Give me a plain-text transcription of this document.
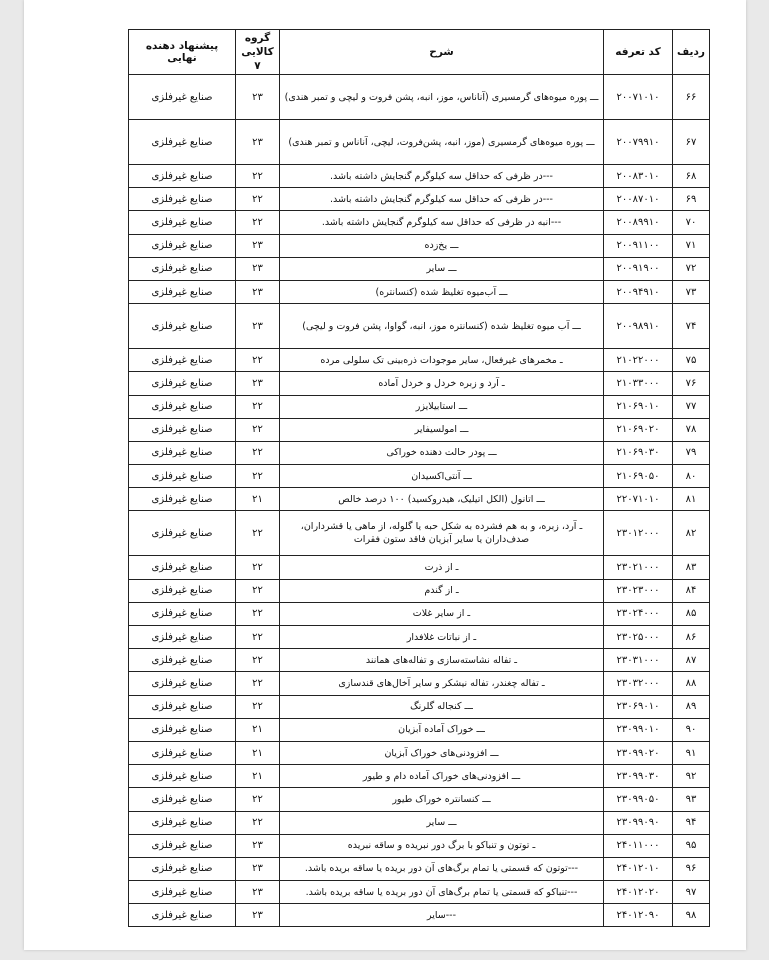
ردیف	کد تعرفه	شرح	گروه کالایی ۷	پیشنهاد دهنده نهایی
۶۶	۲۰۰۷۱۰۱۰	ـــ پوره میوه‌های گرمسیری (آناناس، موز، انبه، پشن فروت و لیچی و تمبر هندی)	۲۳	صنایع غیرفلزی
۶۷	۲۰۰۷۹۹۱۰	ـــ پوره میوه‌های گرمسیری (موز، انبه، پشن‌فروت، لیچی، آناناس و تمبر هندی)	۲۳	صنایع غیرفلزی
۶۸	۲۰۰۸۳۰۱۰	---در ظرفی که حداقل سه کیلوگرم گنجایش داشته باشد.	۲۲	صنایع غیرفلزی
۶۹	۲۰۰۸۷۰۱۰	---در ظرفی که حداقل سه کیلوگرم گنجایش داشته باشد.	۲۲	صنایع غیرفلزی
۷۰	۲۰۰۸۹۹۱۰	---انبه در ظرفی که حداقل سه کیلوگرم گنجایش داشته باشد.	۲۲	صنایع غیرفلزی
۷۱	۲۰۰۹۱۱۰۰	ـــ یخ‌زده	۲۳	صنایع غیرفلزی
۷۲	۲۰۰۹۱۹۰۰	ـــ سایر	۲۳	صنایع غیرفلزی
۷۳	۲۰۰۹۴۹۱۰	ـــ آب‌میوه تغلیظ شده (کنسانتره)	۲۳	صنایع غیرفلزی
۷۴	۲۰۰۹۸۹۱۰	ـــ آب میوه تغلیظ شده (کنسانتره موز، انبه، گواوا، پشن فروت و لیچی)	۲۳	صنایع غیرفلزی
۷۵	۲۱۰۲۲۰۰۰	ـ مخمرهای غیرفعال، سایر موجودات ذره‌بینی تک سلولی مرده	۲۲	صنایع غیرفلزی
۷۶	۲۱۰۳۳۰۰۰	ـ آرد و زبره خردل و خردل آماده	۲۳	صنایع غیرفلزی
۷۷	۲۱۰۶۹۰۱۰	ـــ استابیلایزر	۲۲	صنایع غیرفلزی
۷۸	۲۱۰۶۹۰۲۰	ـــ امولسیفایر	۲۲	صنایع غیرفلزی
۷۹	۲۱۰۶۹۰۳۰	ـــ پودر حالت دهنده خوراکی	۲۲	صنایع غیرفلزی
۸۰	۲۱۰۶۹۰۵۰	ـــ آنتی‌اکسیدان	۲۲	صنایع غیرفلزی
۸۱	۲۲۰۷۱۰۱۰	ـــ اتانول (الکل اتیلیک، هیدروکسید) ۱۰۰ درصد خالص	۲۱	صنایع غیرفلزی
۸۲	۲۳۰۱۲۰۰۰	ـ آرد، زبره، و به هم فشرده به شکل حبه یا گلوله، از ماهی یا قشرداران، صدف‌داران یا سایر آبزیان فاقد ستون فقرات	۲۲	صنایع غیرفلزی
۸۳	۲۳۰۲۱۰۰۰	ـ از ذرت	۲۲	صنایع غیرفلزی
۸۴	۲۳۰۲۳۰۰۰	ـ از گندم	۲۲	صنایع غیرفلزی
۸۵	۲۳۰۲۴۰۰۰	ـ از سایر غلات	۲۲	صنایع غیرفلزی
۸۶	۲۳۰۲۵۰۰۰	ـ از نباتات غلافدار	۲۲	صنایع غیرفلزی
۸۷	۲۳۰۳۱۰۰۰	ـ تفاله نشاسته‌سازی و تفاله‌های همانند	۲۲	صنایع غیرفلزی
۸۸	۲۳۰۳۲۰۰۰	ـ تفاله چغندر، تفاله نیشکر و سایر آخال‌های قندسازی	۲۲	صنایع غیرفلزی
۸۹	۲۳۰۶۹۰۱۰	ـــ کنجاله گلرنگ	۲۲	صنایع غیرفلزی
۹۰	۲۳۰۹۹۰۱۰	ـــ خوراک آماده آبزیان	۲۱	صنایع غیرفلزی
۹۱	۲۳۰۹۹۰۲۰	ـــ افزودنی‌های خوراک آبزیان	۲۱	صنایع غیرفلزی
۹۲	۲۳۰۹۹۰۳۰	ـــ افزودنی‌های خوراک آماده دام و طیور	۲۱	صنایع غیرفلزی
۹۳	۲۳۰۹۹۰۵۰	ـــ کنسانتره خوراک طیور	۲۲	صنایع غیرفلزی
۹۴	۲۳۰۹۹۰۹۰	ـــ سایر	۲۲	صنایع غیرفلزی
۹۵	۲۴۰۱۱۰۰۰	ـ توتون و تنباکو با برگ دور نبریده و ساقه نبریده	۲۳	صنایع غیرفلزی
۹۶	۲۴۰۱۲۰۱۰	---توتون که قسمتی یا تمام برگ‌های آن دور بریده یا ساقه بریده باشد.	۲۳	صنایع غیرفلزی
۹۷	۲۴۰۱۲۰۲۰	---تنباکو که قسمتی یا تمام برگ‌های آن دور بریده یا ساقه بریده باشد.	۲۳	صنایع غیرفلزی
۹۸	۲۴۰۱۲۰۹۰	---سایر	۲۳	صنایع غیرفلزی
